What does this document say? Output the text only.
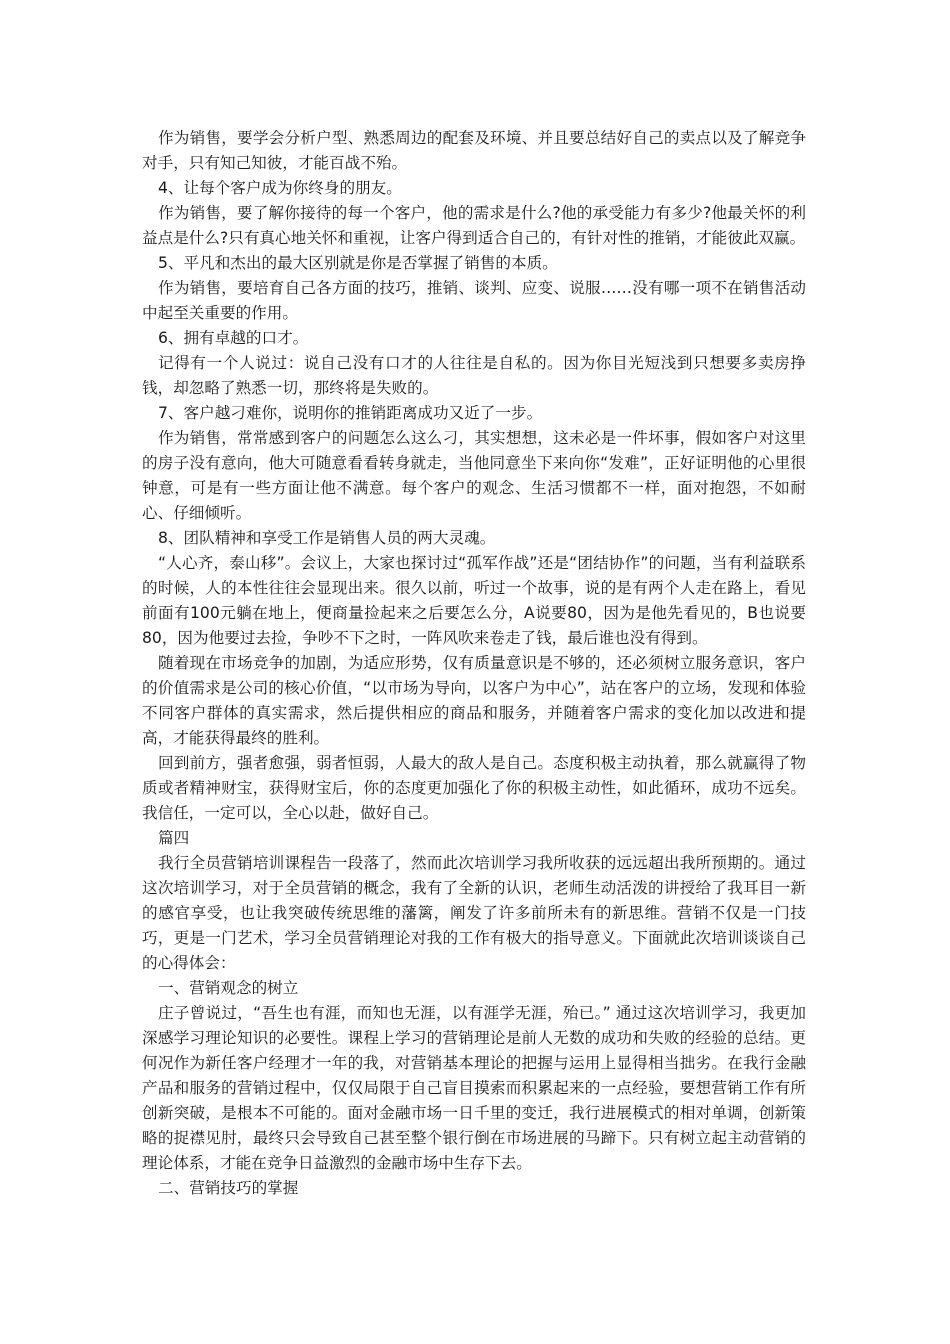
作为销售，要学会分析户型、熟悉周边的配套及环境、并且要总结好自己的卖点以及了解竞争对手，只有知己知彼，才能百战不殆。

4、让每个客户成为你终身的朋友。

作为销售，要了解你接待的每一个客户，他的需求是什么?他的承受能力有多少?他最关怀的利益点是什么?只有真心地关怀和重视，让客户得到适合自己的，有针对性的推销，才能彼此双赢。

5、平凡和杰出的最大区别就是你是否掌握了销售的本质。

作为销售，要培育自己各方面的技巧，推销、谈判、应变、说服……没有哪一项不在销售活动中起至关重要的作用。

6、拥有卓越的口才。

记得有一个人说过：说自己没有口才的人往往是自私的。因为你目光短浅到只想要多卖房挣钱，却忽略了熟悉一切，那终将是失败的。

7、客户越刁难你，说明你的推销距离成功又近了一步。

作为销售，常常感到客户的问题怎么这么刁，其实想想，这未必是一件坏事，假如客户对这里的房子没有意向，他大可随意看看转身就走，当他同意坐下来向你“发难”，正好证明他的心里很钟意，可是有一些方面让他不满意。每个客户的观念、生活习惯都不一样，面对抱怨，不如耐心、仔细倾听。

8、团队精神和享受工作是销售人员的两大灵魂。

“人心齐，泰山移”。会议上，大家也探讨过“孤军作战”还是“团结协作”的问题，当有利益联系的时候，人的本性往往会显现出来。很久以前，听过一个故事，说的是有两个人走在路上，看见前面有100元躺在地上，便商量捡起来之后要怎么分，A说要80，因为是他先看见的，B也说要80，因为他要过去捡，争吵不下之时，一阵风吹来卷走了钱，最后谁也没有得到。

随着现在市场竞争的加剧，为适应形势，仅有质量意识是不够的，还必须树立服务意识，客户的价值需求是公司的核心价值，“以市场为导向，以客户为中心”，站在客户的立场，发现和体验不同客户群体的真实需求，然后提供相应的商品和服务，并随着客户需求的变化加以改进和提高，才能获得最终的胜利。

回到前方，强者愈强，弱者恒弱，人最大的敌人是自己。态度积极主动执着，那么就赢得了物质或者精神财宝，获得财宝后，你的态度更加强化了你的积极主动性，如此循环，成功不远矣。我信任，一定可以，全心以赴，做好自己。

篇四

我行全员营销培训课程告一段落了，然而此次培训学习我所收获的远远超出我所预期的。通过这次培训学习，对于全员营销的概念，我有了全新的认识，老师生动活泼的讲授给了我耳目一新的感官享受，也让我突破传统思维的藩篱，阐发了许多前所未有的新思维。营销不仅是一门技巧，更是一门艺术，学习全员营销理论对我的工作有极大的指导意义。下面就此次培训谈谈自己的心得体会：

一、营销观念的树立

庄子曾说过，“吾生也有涯，而知也无涯，以有涯学无涯，殆已。” 通过这次培训学习，我更加深感学习理论知识的必要性。课程上学习的营销理论是前人无数的成功和失败的经验的总结。更何况作为新任客户经理才一年的我，对营销基本理论的把握与运用上显得相当拙劣。在我行金融产品和服务的营销过程中，仅仅局限于自己盲目摸索而积累起来的一点经验，要想营销工作有所创新突破，是根本不可能的。面对金融市场一日千里的变迁，我行进展模式的相对单调，创新策略的捉襟见肘，最终只会导致自己甚至整个银行倒在市场进展的马蹄下。只有树立起主动营销的理论体系，才能在竞争日益激烈的金融市场中生存下去。

二、营销技巧的掌握
